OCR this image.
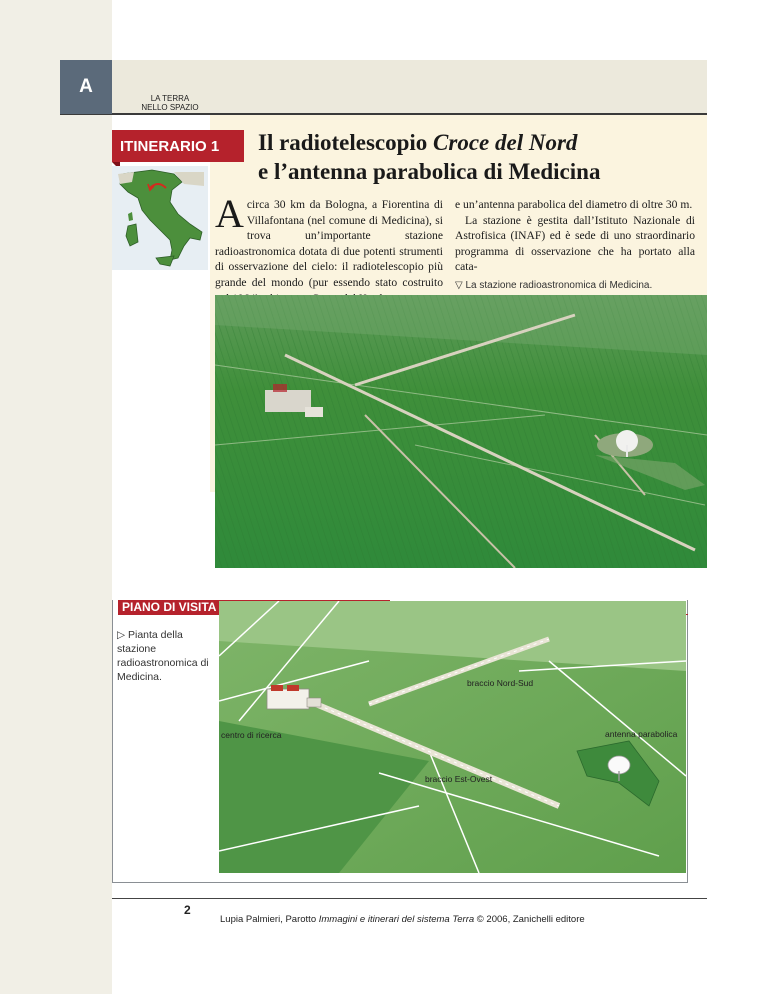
A
LA TERRA
NELLO SPAZIO
ITINERARIO 1	Il radiotelescopio Croce del Nord
e l’antenna parabolica di Medicina
Acirca 30 km da Bologna, a Fiorentina di Villafontana (nel comune di Medicina), si trova un’importante stazione radioastronomica dotata di due potenti strumenti di osservazione del cielo: il radiotelescopio più grande del mondo (pur essendo stato costruito
e un’antenna parabolica del diametro di oltre 30 m.
La stazione è gestita dall’Istituto Nazionale di Astrofisica (INAF) ed è sede di uno straordinario programma di osservazione che ha portato alla cata-
▽ La stazione radioastronomica di Medicina.
PIANO DI VISITA
▷ Pianta della stazione radioastronomica di Medicina.	braccio Nord-Sud
centro di ricerca	antenna parabolica
braccio Est-Ovest
2
Lupia Palmieri, Parotto Immagini e itinerari del sistema Terra © 2006, Zanichelli editore
